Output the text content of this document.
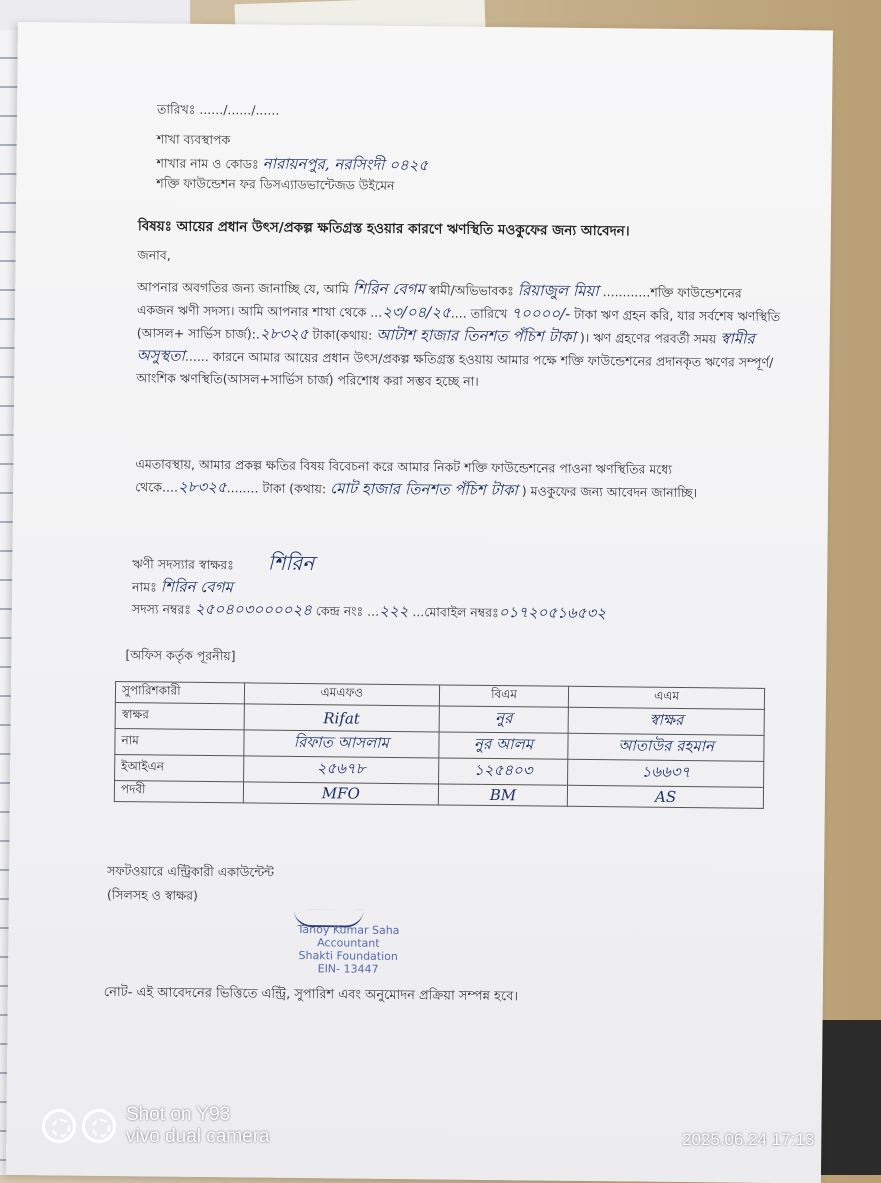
তারিখঃ ....../....../......
শাখা ব্যবস্থাপক
শাখার নাম ও কোডঃ নারায়নপুর, নরসিংদী ০৪২৫
শক্তি ফাউন্ডেশন ফর ডিসএ্যাডভান্টেজড উইমেন
বিষয়ঃ আয়ের প্রধান উৎস/প্রকল্প ক্ষতিগ্রস্ত হওয়ার কারণে ঋণস্থিতি মওকুফের জন্য আবেদন।
জনাব,
আপনার অবগতির জন্য জানাচ্ছি যে, আমি শিরিন বেগম স্বামী/অভিভাবকঃ রিয়াজুল মিয়া ............শক্তি ফাউন্ডেশনের একজন ঋণী সদস্য। আমি আপনার শাখা থেকে ...২৩/০৪/২৫.... তারিখে ৭০০০০/- টাকা ঋণ গ্রহন করি, যার সর্বশেষ ঋণস্থিতি (আসল+ সার্ভিস চার্জ):.২৮৩২৫ টাকা(কথায়: আটাশ হাজার তিনশত পঁচিশ টাকা )। ঋণ গ্রহণের পরবর্তী সময় স্বামীর অসুস্থতা...... কারনে আমার আয়ের প্রধান উৎস/প্রকল্প ক্ষতিগ্রস্ত হওয়ায় আমার পক্ষে শক্তি ফাউন্ডেশনের প্রদানকৃত ঋণের সম্পূর্ণ/আংশিক ঋণস্থিতি(আসল+সার্ভিস চার্জ) পরিশোধ করা সম্ভব হচ্ছে না।
এমতাবস্থায়, আমার প্রকল্প ক্ষতির বিষয় বিবেচনা করে আমার নিকট শক্তি ফাউন্ডেশনের পাওনা ঋণস্থিতির মধ্যে থেকে....২৮৩২৫........ টাকা (কথায়: মোট হাজার তিনশত পঁচিশ টাকা ) মওকুফের জন্য আবেদন জানাচ্ছি।
ঋণী সদস্যার স্বাক্ষরঃ শিরিন
নামঃ শিরিন বেগম
সদস্য নম্বরঃ ২৫০৪০৩০০০০২৪ কেন্দ্র নংঃ ...২২২ ...মোবাইল নম্বরঃ০১৭২০৫১৬৫৩২
[অফিস কর্তৃক পূরনীয়]
সুপারিশকারী	এমএফও	বিএম	এএম
স্বাক্ষর	Rifat	নুর	স্বাক্ষর
নাম	রিফাত আসলাম	নুর আলম	আতাউর রহমান
ইআইএন	২৫৬৭৮	১২৫৪০৩	১৬৬৩৭
পদবী	MFO	BM	AS
সফটওয়ারে এন্ট্রিকারী একাউন্টেন্ট
(সিলসহ ও স্বাক্ষর)
Tanoy Kumar Saha
Accountant
Shakti Foundation
EIN- 13447
নোট- এই আবেদনের ভিত্তিতে এন্ট্রি, সুপারিশ এবং অনুমোদন প্রক্রিয়া সম্পন্ন হবে।
Shot on Y93
vivo dual camera	2025.06.24 17:13
